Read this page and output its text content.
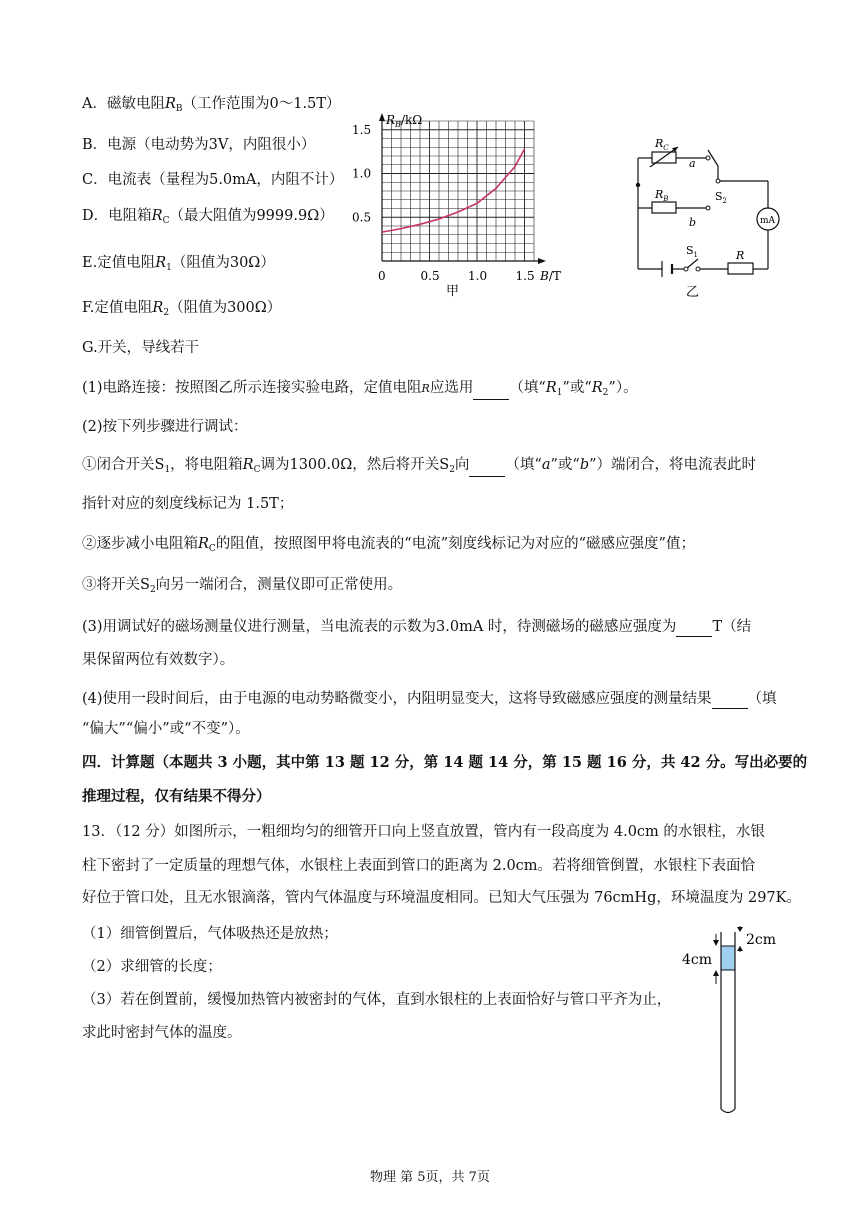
A．磁敏电阻$R_B$（工作范围为0～1.5T）
B．电源（电动势为3V，内阻很小）
C．电流表（量程为5.0mA，内阻不计）
D．电阻箱$R_C$（最大阻值为9999.9Ω）
E.定值电阻$R_1$（阻值为30Ω）
F.定值电阻$R_2$（阻值为300Ω）
G.开关，导线若干
$R_B/k\Omega$
1.5
1.0
0.5
0	0.5 1.0 1.5 B/T
甲
$R_C$
$R_B$
a
b
$S_2$
$S_1$	R
mA
乙
(1)电路连接：按照图乙所示连接实验电路，定值电阻R应选用 （填“$R_1$”或“$R_2$”）。
(2)按下列步骤进行调试：
①闭合开关$S_1$，将电阻箱$R_C$调为1300.0Ω，然后将开关$S_2$向 （填“a”或“b”）端闭合，将电流表此时
指针对应的刻度线标记为 1.5T；
②逐步减小电阻箱$R_C$的阻值，按照图甲将电流表的“电流”刻度线标记为对应的“磁感应强度”值；
③将开关$S_2$向另一端闭合，测量仪即可正常使用。
(3)用调试好的磁场测量仪进行测量，当电流表的示数为3.0mA 时，待测磁场的磁感应强度为 T（结
果保留两位有效数字）。
(4)使用一段时间后，由于电源的电动势略微变小，内阻明显变大，这将导致磁感应强度的测量结果 （填
“偏大”“偏小”或“不变”）。
四．计算题（本题共 3 小题，其中第 13 题 12 分，第 14 题 14 分，第 15 题 16 分，共 42 分。写出必要的
推理过程，仅有结果不得分）
13．（12 分）如图所示，一粗细均匀的细管开口向上竖直放置，管内有一段高度为 4.0cm 的水银柱，水银
柱下密封了一定质量的理想气体，水银柱上表面到管口的距离为 2.0cm。若将细管倒置，水银柱下表面恰
好位于管口处，且无水银滴落，管内气体温度与环境温度相同。已知大气压强为 76cmHg，环境温度为 297K。
（1）细管倒置后，气体吸热还是放热；
（2）求细管的长度；
（3）若在倒置前，缓慢加热管内被密封的气体，直到水银柱的上表面恰好与管口平齐为止，
求此时密封气体的温度。
2cm
4cm
物理 第 5页，共 7页
